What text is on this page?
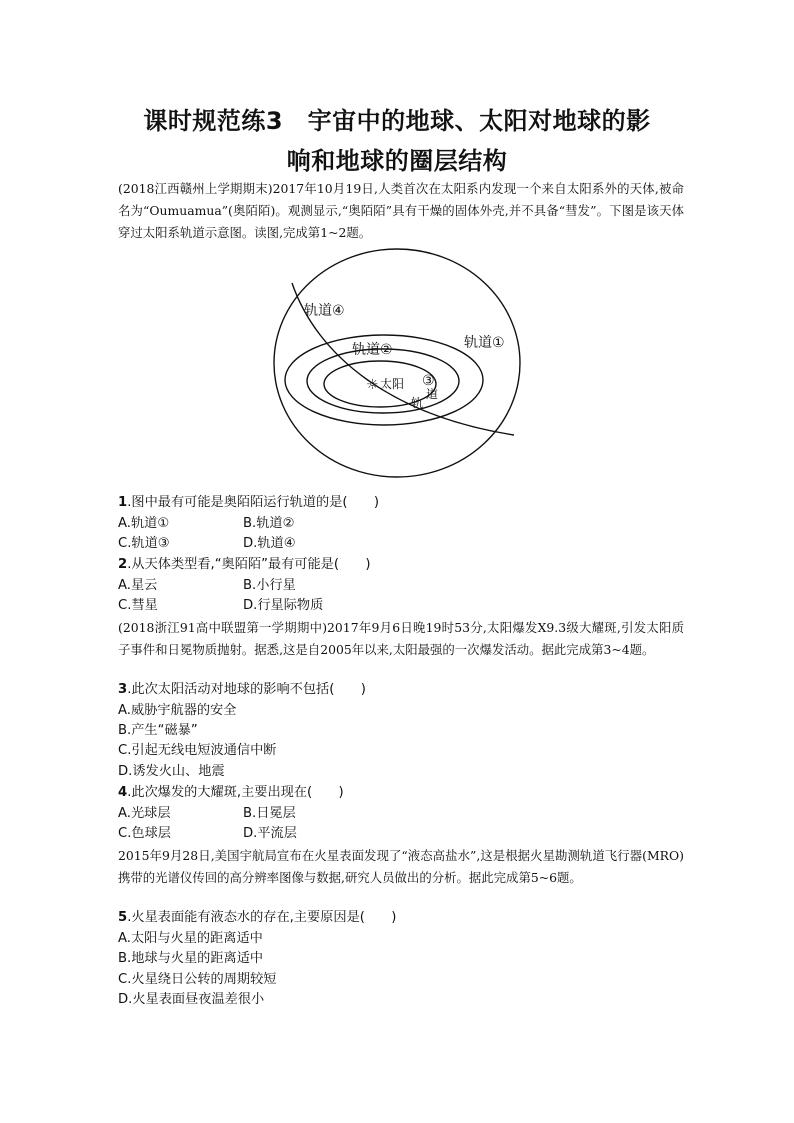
课时规范练3　宇宙中的地球、太阳对地球的影
响和地球的圈层结构
(2018江西赣州上学期期末)2017年10月19日,人类首次在太阳系内发现一个来自太阳系外的天体,被命名为“Oumuamua”(奥陌陌)。观测显示,“奥陌陌”具有干燥的固体外壳,并不具备“彗发”。下图是该天体穿过太阳系轨道示意图。读图,完成第1~2题。
轨道④
轨道①
轨道②
☼ 太阳 ③
轨
道
1.图中最有可能是奥陌陌运行轨道的是(　　)
A.轨道①	B.轨道②
C.轨道③	D.轨道④
2.从天体类型看,“奥陌陌”最有可能是(　　)
A.星云	B.小行星
C.彗星	D.行星际物质
(2018浙江91高中联盟第一学期期中)2017年9月6日晚19时53分,太阳爆发X9.3级大耀斑,引发太阳质子事件和日冕物质抛射。据悉,这是自2005年以来,太阳最强的一次爆发活动。据此完成第3~4题。
3.此次太阳活动对地球的影响不包括(　　)
A.威胁宇航器的安全
B.产生“磁暴”
C.引起无线电短波通信中断
D.诱发火山、地震
4.此次爆发的大耀斑,主要出现在(　　)
A.光球层	B.日冕层
C.色球层	D.平流层
2015年9月28日,美国宇航局宣布在火星表面发现了“液态高盐水”,这是根据火星勘测轨道飞行器(MRO)携带的光谱仪传回的高分辨率图像与数据,研究人员做出的分析。据此完成第5~6题。
5.火星表面能有液态水的存在,主要原因是(　　)
A.太阳与火星的距离适中
B.地球与火星的距离适中
C.火星绕日公转的周期较短
D.火星表面昼夜温差很小
